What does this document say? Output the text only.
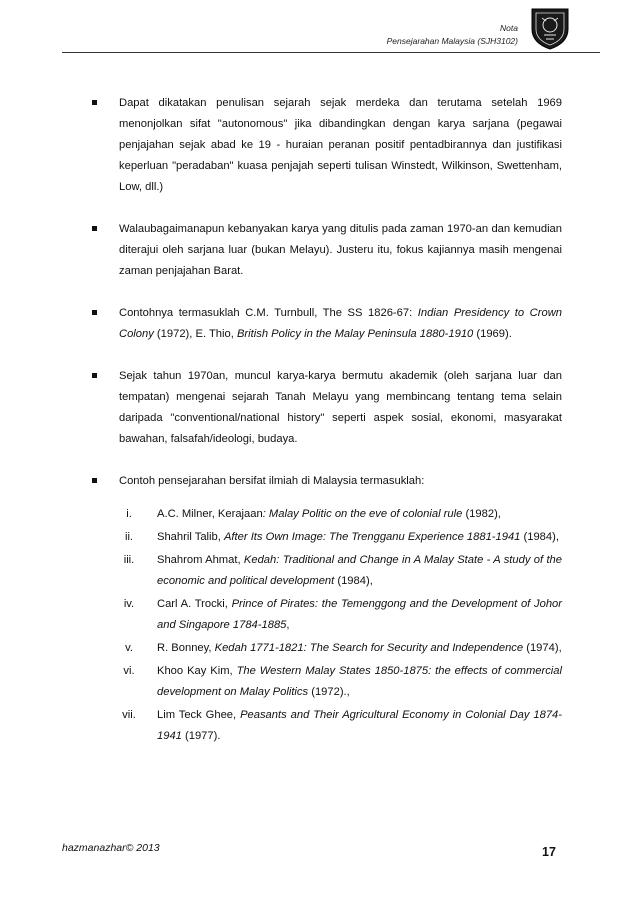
Nota
Pensejarahan Malaysia (SJH3102)
Dapat dikatakan penulisan sejarah sejak merdeka dan terutama setelah 1969 menonjolkan sifat "autonomous" jika dibandingkan dengan karya sarjana (pegawai penjajahan sejak abad ke 19 - huraian peranan positif pentadbirannya dan justifikasi keperluan "peradaban" kuasa penjajah seperti tulisan Winstedt, Wilkinson, Swettenham, Low, dll.)
Walaubagaimanapun kebanyakan karya yang ditulis pada zaman 1970-an dan kemudian diterajui oleh sarjana luar (bukan Melayu). Justeru itu, fokus kajiannya masih mengenai zaman penjajahan Barat.
Contohnya termasuklah C.M. Turnbull, The SS 1826-67: Indian Presidency to Crown Colony (1972), E. Thio, British Policy in the Malay Peninsula 1880-1910 (1969).
Sejak tahun 1970an, muncul karya-karya bermutu akademik (oleh sarjana luar dan tempatan) mengenai sejarah Tanah Melayu yang membincang tentang tema selain daripada "conventional/national history" seperti aspek sosial, ekonomi, masyarakat bawahan, falsafah/ideologi, budaya.
Contoh pensejarahan bersifat ilmiah di Malaysia termasuklah:
i.	A.C. Milner, Kerajaan: Malay Politic on the eve of colonial rule (1982),
ii.	Shahril Talib, After Its Own Image: The Trengganu Experience 1881-1941 (1984),
iii.	Shahrom Ahmat, Kedah: Traditional and Change in A Malay State - A study of the economic and political development (1984),
iv.	Carl A. Trocki, Prince of Pirates: the Temenggong and the Development of Johor and Singapore 1784-1885,
v.	R. Bonney, Kedah 1771-1821: The Search for Security and Independence (1974),
vi.	Khoo Kay Kim, The Western Malay States 1850-1875: the effects of commercial development on Malay Politics (1972).,
vii.	Lim Teck Ghee, Peasants and Their Agricultural Economy in Colonial Day 1874-1941 (1977).
hazmanazhar© 2013	17
